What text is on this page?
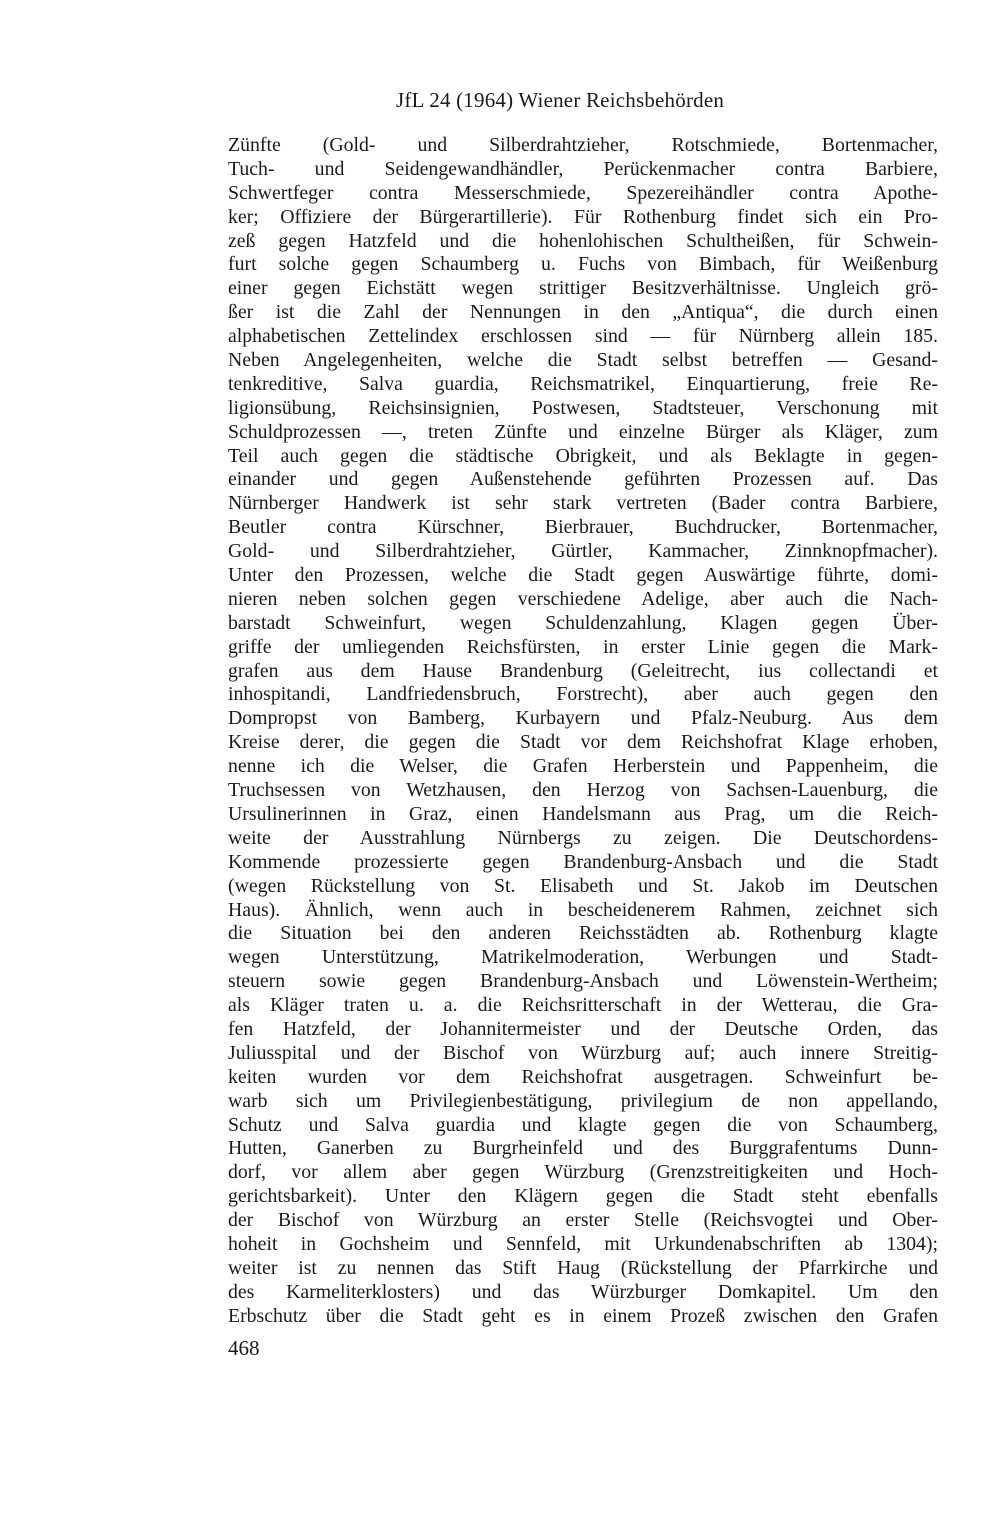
JfL 24 (1964) Wiener Reichsbehörden
Zünfte (Gold- und Silberdrahtzieher, Rotschmiede, Bortenmacher,
Tuch- und Seidengewandhändler, Perückenmacher contra Barbiere,
Schwertfeger contra Messerschmiede, Spezereihändler contra Apothe-
ker; Offiziere der Bürgerartillerie). Für Rothenburg findet sich ein Pro-
zeß gegen Hatzfeld und die hohenlohischen Schultheißen, für Schwein-
furt solche gegen Schaumberg u. Fuchs von Bimbach, für Weißenburg
einer gegen Eichstätt wegen strittiger Besitzverhältnisse. Ungleich grö-
ßer ist die Zahl der Nennungen in den „Antiqua“, die durch einen
alphabetischen Zettelindex erschlossen sind — für Nürnberg allein 185.
Neben Angelegenheiten, welche die Stadt selbst betreffen — Gesand-
tenkreditive, Salva guardia, Reichsmatrikel, Einquartierung, freie Re-
ligionsübung, Reichsinsignien, Postwesen, Stadtsteuer, Verschonung mit
Schuldprozessen —, treten Zünfte und einzelne Bürger als Kläger, zum
Teil auch gegen die städtische Obrigkeit, und als Beklagte in gegen-
einander und gegen Außenstehende geführten Prozessen auf. Das
Nürnberger Handwerk ist sehr stark vertreten (Bader contra Barbiere,
Beutler contra Kürschner, Bierbrauer, Buchdrucker, Bortenmacher,
Gold- und Silberdrahtzieher, Gürtler, Kammacher, Zinnknopfmacher).
Unter den Prozessen, welche die Stadt gegen Auswärtige führte, domi-
nieren neben solchen gegen verschiedene Adelige, aber auch die Nach-
barstadt Schweinfurt, wegen Schuldenzahlung, Klagen gegen Über-
griffe der umliegenden Reichsfürsten, in erster Linie gegen die Mark-
grafen aus dem Hause Brandenburg (Geleitrecht, ius collectandi et
inhospitandi, Landfriedensbruch, Forstrecht), aber auch gegen den
Dompropst von Bamberg, Kurbayern und Pfalz-Neuburg. Aus dem
Kreise derer, die gegen die Stadt vor dem Reichshofrat Klage erhoben,
nenne ich die Welser, die Grafen Herberstein und Pappenheim, die
Truchsessen von Wetzhausen, den Herzog von Sachsen-Lauenburg, die
Ursulinerinnen in Graz, einen Handelsmann aus Prag, um die Reich-
weite der Ausstrahlung Nürnbergs zu zeigen. Die Deutschordens-
Kommende prozessierte gegen Brandenburg-Ansbach und die Stadt
(wegen Rückstellung von St. Elisabeth und St. Jakob im Deutschen
Haus). Ähnlich, wenn auch in bescheidenerem Rahmen, zeichnet sich
die Situation bei den anderen Reichsstädten ab. Rothenburg klagte
wegen Unterstützung, Matrikelmoderation, Werbungen und Stadt-
steuern sowie gegen Brandenburg-Ansbach und Löwenstein-Wertheim;
als Kläger traten u. a. die Reichsritterschaft in der Wetterau, die Gra-
fen Hatzfeld, der Johannitermeister und der Deutsche Orden, das
Juliusspital und der Bischof von Würzburg auf; auch innere Streitig-
keiten wurden vor dem Reichshofrat ausgetragen. Schweinfurt be-
warb sich um Privilegienbestätigung, privilegium de non appellando,
Schutz und Salva guardia und klagte gegen die von Schaumberg,
Hutten, Ganerben zu Burgrheinfeld und des Burggrafentums Dunn-
dorf, vor allem aber gegen Würzburg (Grenzstreitigkeiten und Hoch-
gerichtsbarkeit). Unter den Klägern gegen die Stadt steht ebenfalls
der Bischof von Würzburg an erster Stelle (Reichsvogtei und Ober-
hoheit in Gochsheim und Sennfeld, mit Urkundenabschriften ab 1304);
weiter ist zu nennen das Stift Haug (Rückstellung der Pfarrkirche und
des Karmeliterklosters) und das Würzburger Domkapitel. Um den
Erbschutz über die Stadt geht es in einem Prozeß zwischen den Grafen
468
